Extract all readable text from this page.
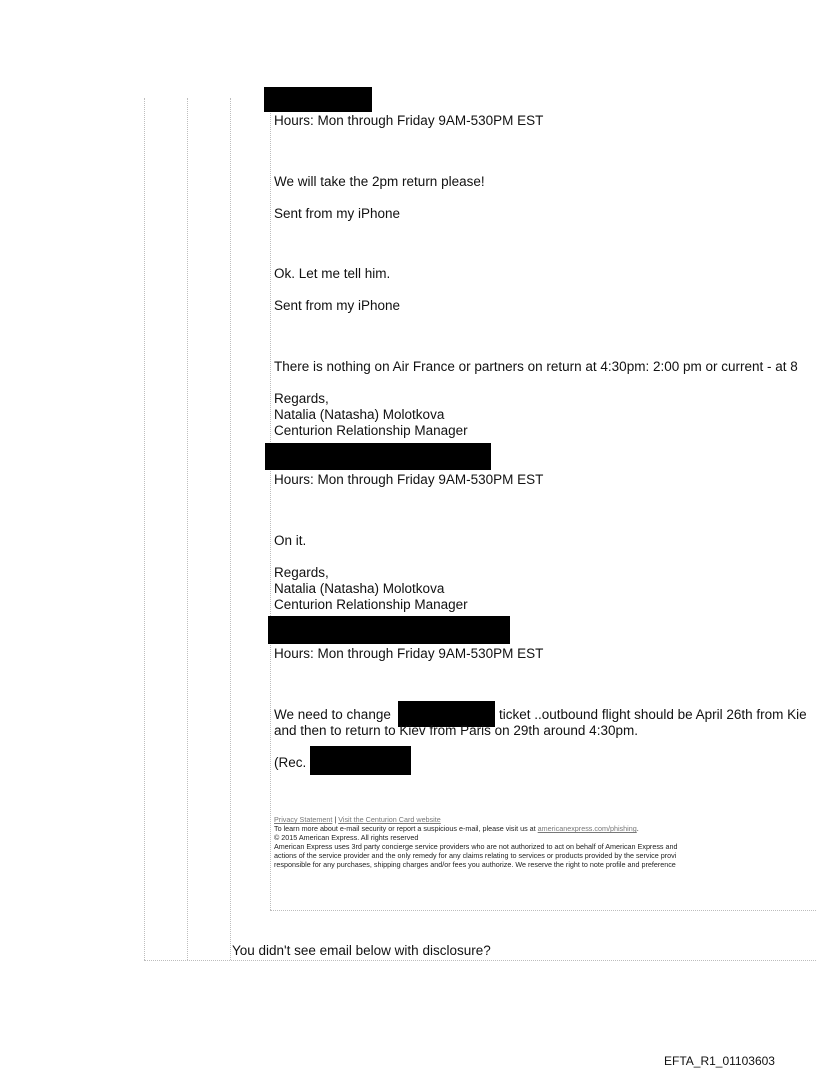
Hours: Mon through Friday 9AM-530PM EST
We will take the 2pm return please!
Sent from my iPhone
Ok. Let me tell him.
Sent from my iPhone
There is nothing on Air France or partners on return at 4:30pm: 2:00 pm or current - at 8
Regards,
Natalia (Natasha) Molotkova
Centurion Relationship Manager
Hours: Mon through Friday 9AM-530PM EST
On it.
Regards,
Natalia (Natasha) Molotkova
Centurion Relationship Manager
Hours: Mon through Friday 9AM-530PM EST
We need to change	ticket ..outbound flight should be April 26th from Kie
and then to return to Kiev from Paris on 29th around 4:30pm.
(Rec.
Privacy Statement | Visit the Centurion Card website
To learn more about e-mail security or report a suspicious e-mail, please visit us at americanexpress.com/phishing.
© 2015 American Express. All rights reserved
American Express uses 3rd party concierge service providers who are not authorized to act on behalf of American Express and
actions of the service provider and the only remedy for any claims relating to services or products provided by the service provi
responsible for any purchases, shipping charges and/or fees you authorize. We reserve the right to note profile and preference
You didn't see email below with disclosure?
EFTA_R1_01103603
